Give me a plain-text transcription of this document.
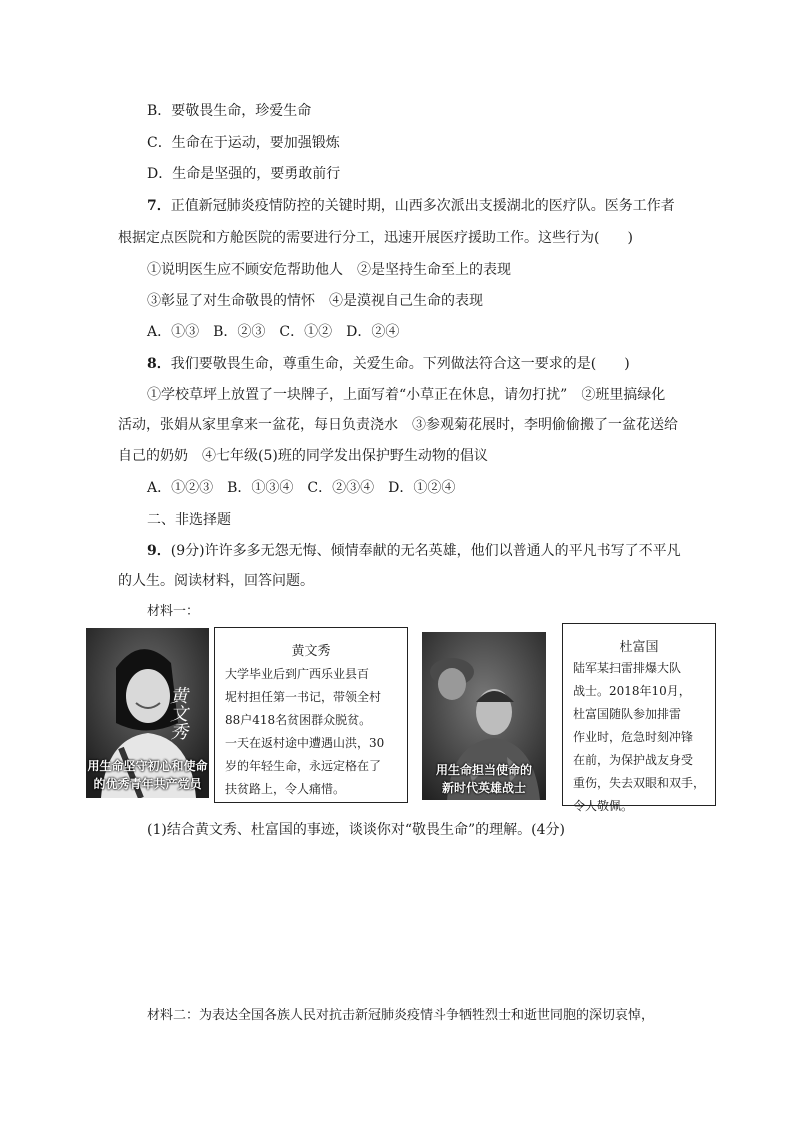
B．要敬畏生命，珍爱生命
C．生命在于运动，要加强锻炼
D．生命是坚强的，要勇敢前行
7．正值新冠肺炎疫情防控的关键时期，山西多次派出支援湖北的医疗队。医务工作者
根据定点医院和方舱医院的需要进行分工，迅速开展医疗援助工作。这些行为(　　)
①说明医生应不顾安危帮助他人　②是坚持生命至上的表现
③彰显了对生命敬畏的情怀　④是漠视自己生命的表现
A．①③　B．②③　C．①②　D．②④
8．我们要敬畏生命，尊重生命，关爱生命。下列做法符合这一要求的是(　　)
①学校草坪上放置了一块牌子，上面写着“小草正在休息，请勿打扰”　②班里搞绿化
活动，张娟从家里拿来一盆花，每日负责浇水　③参观菊花展时，李明偷偷搬了一盆花送给
自己的奶奶　④七年级(5)班的同学发出保护野生动物的倡议
A．①②③　B．①③④　C．②③④　D．①②④
二、非选择题
9．(9分)许许多多无怨无悔、倾情奉献的无名英雄，他们以普通人的平凡书写了不平凡
的人生。阅读材料，回答问题。
材料一：
黄文秀
用生命坚守初心和使命
的优秀青年共产党员
黄文秀
大学毕业后到广西乐业县百
坭村担任第一书记，带领全村
88户418名贫困群众脱贫。
一天在返村途中遭遇山洪，30
岁的年轻生命，永远定格在了
扶贫路上，令人痛惜。
用生命担当使命的
新时代英雄战士
杜富国
陆军某扫雷排爆大队
战士。2018年10月，
杜富国随队参加排雷
作业时，危急时刻冲锋
在前，为保护战友身受
重伤，失去双眼和双手，
令人敬佩。
(1)结合黄文秀、杜富国的事迹，谈谈你对“敬畏生命”的理解。(4分)
材料二：为表达全国各族人民对抗击新冠肺炎疫情斗争牺牲烈士和逝世同胞的深切哀悼，
